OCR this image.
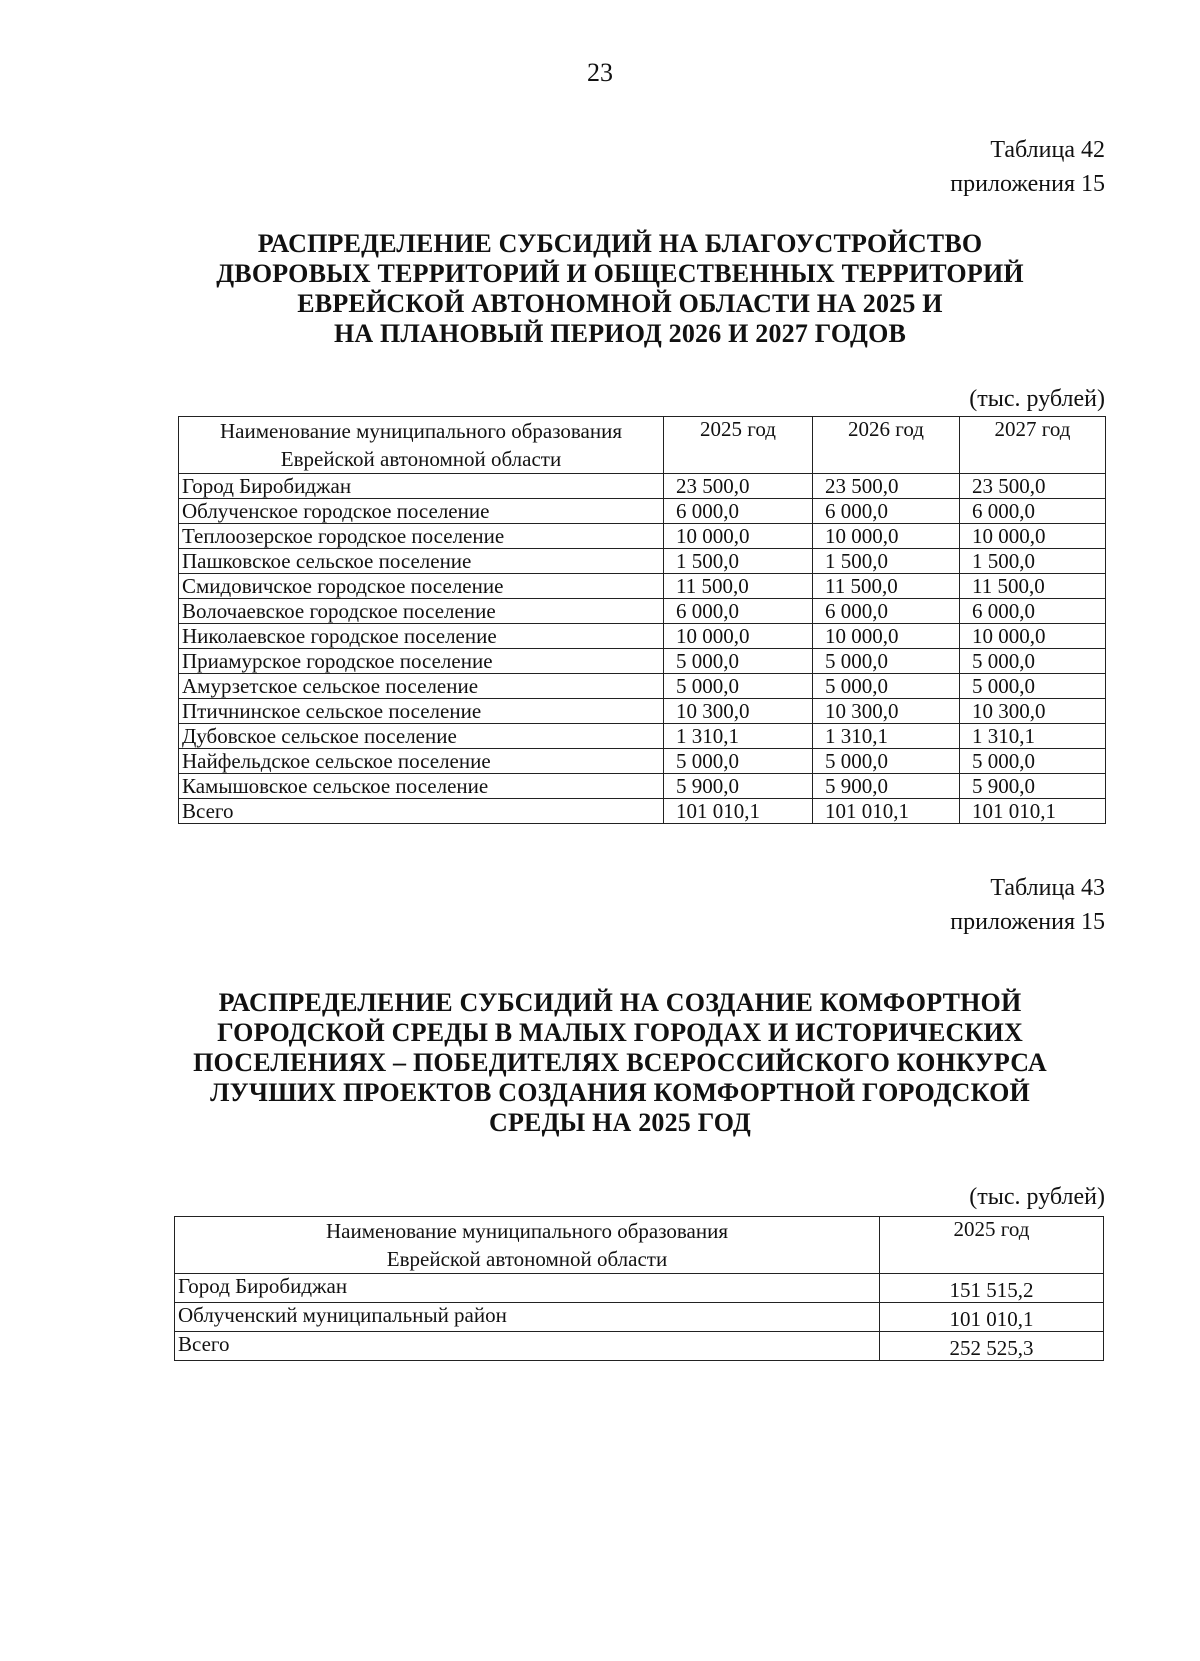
23
Таблица 42
приложения 15
РАСПРЕДЕЛЕНИЕ СУБСИДИЙ НА БЛАГОУСТРОЙСТВО
ДВОРОВЫХ ТЕРРИТОРИЙ И ОБЩЕСТВЕННЫХ ТЕРРИТОРИЙ
ЕВРЕЙСКОЙ АВТОНОМНОЙ ОБЛАСТИ НА 2025 И
НА ПЛАНОВЫЙ ПЕРИОД 2026 И 2027 ГОДОВ
(тыс. рублей)
Наименование муниципального образования Еврейской автономной области	2025 год	2026 год	2027 год
Город Биробиджан	23 500,0	23 500,0	23 500,0
Облученское городское поселение	6 000,0	6 000,0	6 000,0
Теплоозерское городское поселение	10 000,0	10 000,0	10 000,0
Пашковское сельское поселение	1 500,0	1 500,0	1 500,0
Смидовичское городское поселение	11 500,0	11 500,0	11 500,0
Волочаевское городское поселение	6 000,0	6 000,0	6 000,0
Николаевское городское поселение	10 000,0	10 000,0	10 000,0
Приамурское городское поселение	5 000,0	5 000,0	5 000,0
Амурзетское сельское поселение	5 000,0	5 000,0	5 000,0
Птичнинское сельское поселение	10 300,0	10 300,0	10 300,0
Дубовское сельское поселение	1 310,1	1 310,1	1 310,1
Найфельдское сельское поселение	5 000,0	5 000,0	5 000,0
Камышовское сельское поселение	5 900,0	5 900,0	5 900,0
Всего	101 010,1	101 010,1	101 010,1
Таблица 43
приложения 15
РАСПРЕДЕЛЕНИЕ СУБСИДИЙ НА СОЗДАНИЕ КОМФОРТНОЙ
ГОРОДСКОЙ СРЕДЫ В МАЛЫХ ГОРОДАХ И ИСТОРИЧЕСКИХ
ПОСЕЛЕНИЯХ – ПОБЕДИТЕЛЯХ ВСЕРОССИЙСКОГО КОНКУРСА
ЛУЧШИХ ПРОЕКТОВ СОЗДАНИЯ КОМФОРТНОЙ ГОРОДСКОЙ
СРЕДЫ НА 2025 ГОД
(тыс. рублей)
Наименование муниципального образования
Еврейской автономной области	2025 год
Город Биробиджан	151 515,2
Облученский муниципальный район	101 010,1
Всего	252 525,3
